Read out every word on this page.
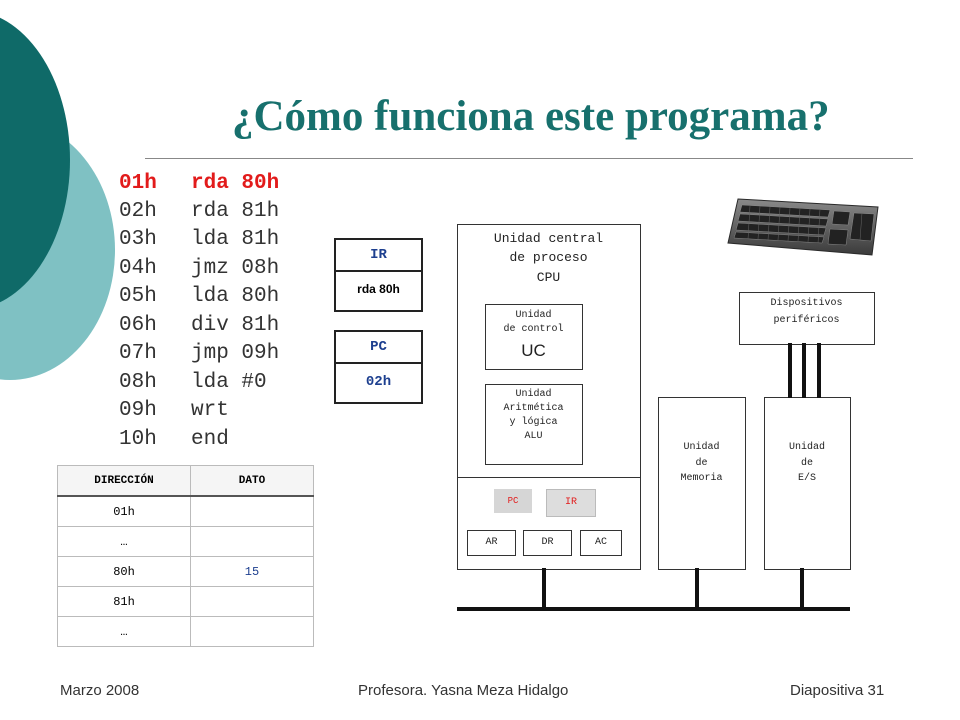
¿Cómo funciona este programa?
01h rda 80h
02h rda 81h
03h lda 81h
04h jmz 08h
05h lda 80h
06h div 81h
07h jmp 09h
08h lda #0
09h wrt
10h end
IR
rda 80h
PC
02h
DIRECCIÓN	DATO
01h	
…	
80h	15
81h	
…	
Unidad central
de proceso
CPU
Unidad
de control
UC
Unidad
Aritmética
y lógica
ALU
PC	IR
AR	DR	AC
Unidad
de
Memoria
Unidad
de
E/S
Dispositivos
periféricos
Marzo 2008	Profesora. Yasna Meza Hidalgo	Diapositiva 31
